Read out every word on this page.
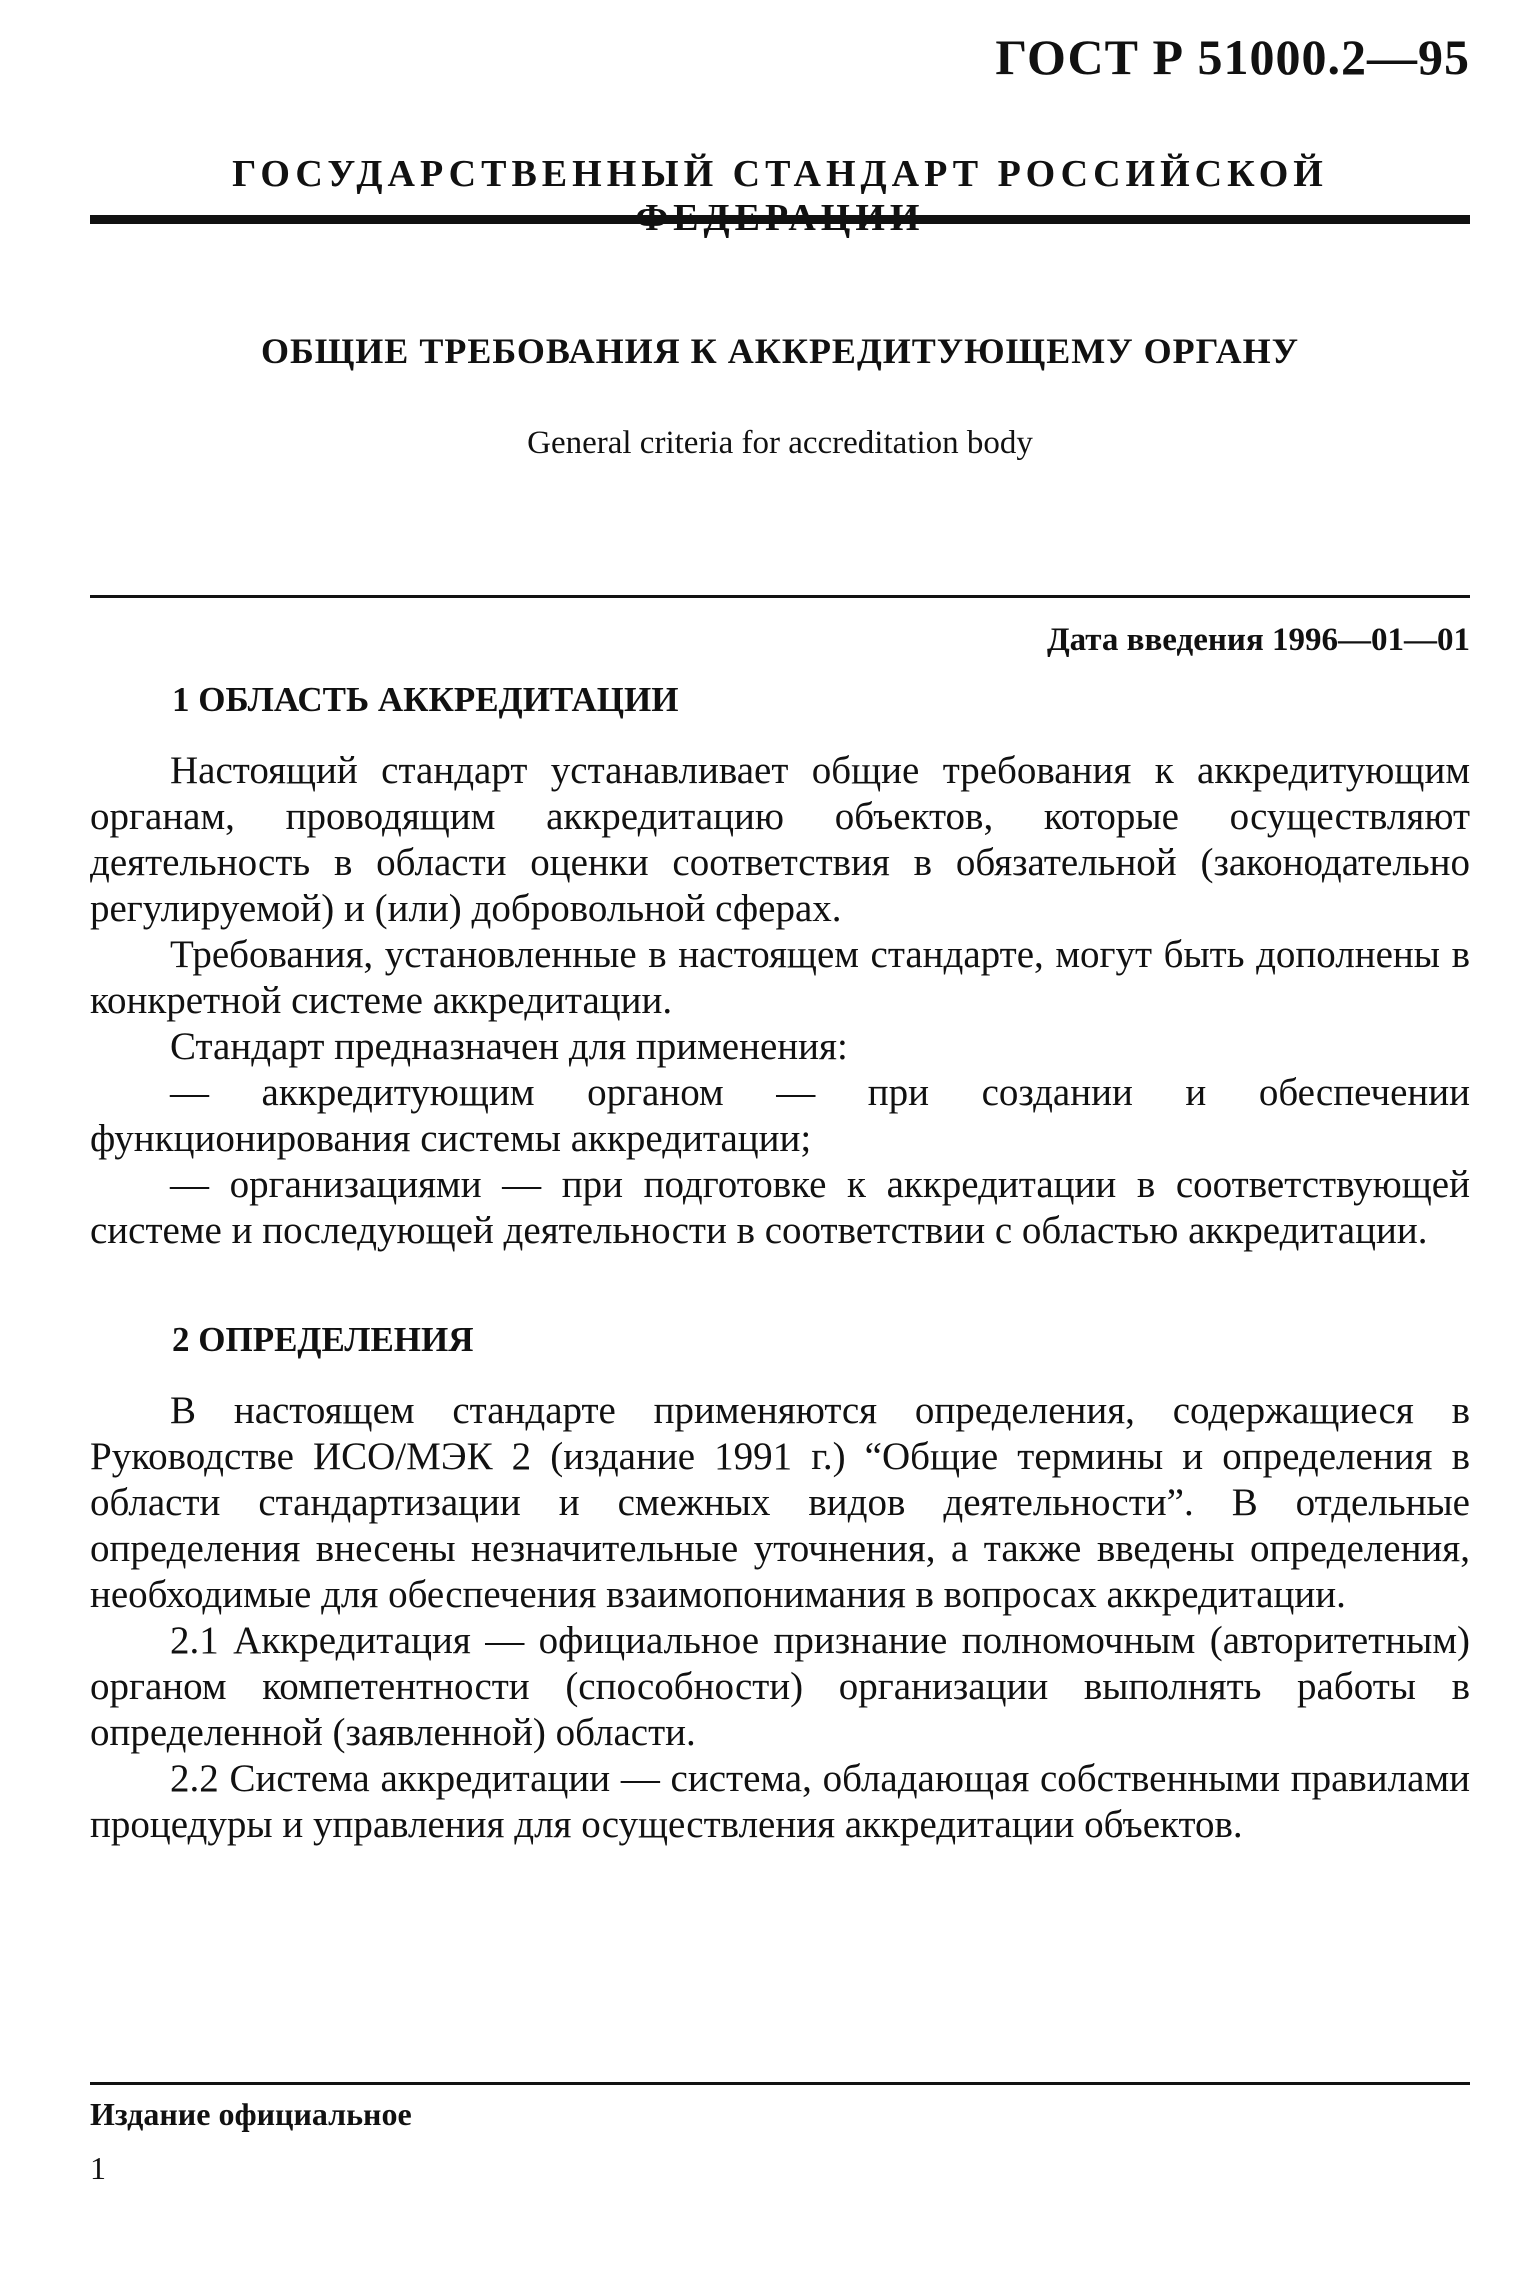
ГОСТ Р 51000.2—95
ГОСУДАРСТВЕННЫЙ СТАНДАРТ РОССИЙСКОЙ
ОБЩИЕ ТРЕБОВАНИЯ К АККРЕДИТУЮЩЕМУ ОРГАНУ
General criteria for accreditation body
Дата введения 1996—01—01
1 ОБЛАСТЬ АККРЕДИТАЦИИ

Настоящий стандарт устанавливает общие требования к аккредитующим органам, проводящим аккредитацию объектов, которые осуществляют деятельность в области оценки соответствия в обязательной (законодательно регулируемой) и (или) добровольной сферах.

Требования, установленные в настоящем стандарте, могут быть дополнены в конкретной системе аккредитации.

Стандарт предназначен для применения:

— аккредитующим органом — при создании и обеспечении функционирования системы аккредитации;

— организациями — при подготовке к аккредитации в соответствующей системе и последующей деятельности в соответствии с областью аккредитации.

2 ОПРЕДЕЛЕНИЯ

В настоящем стандарте применяются определения, содержащиеся в Руководстве ИСО/МЭК 2 (издание 1991 г.) “Общие термины и определения в области стандартизации и смежных видов деятельности”. В отдельные определения внесены незначительные уточнения, а также введены определения, необходимые для обеспечения взаимопонимания в вопросах аккредитации.

2.1 Аккредитация — официальное признание полномочным (авторитетным) органом компетентности (способности) организации выполнять работы в определенной (заявленной) области.

2.2 Система аккредитации — система, обладающая собственными правилами процедуры и управления для осуществления аккредитации объектов.

Издание официальное
1
